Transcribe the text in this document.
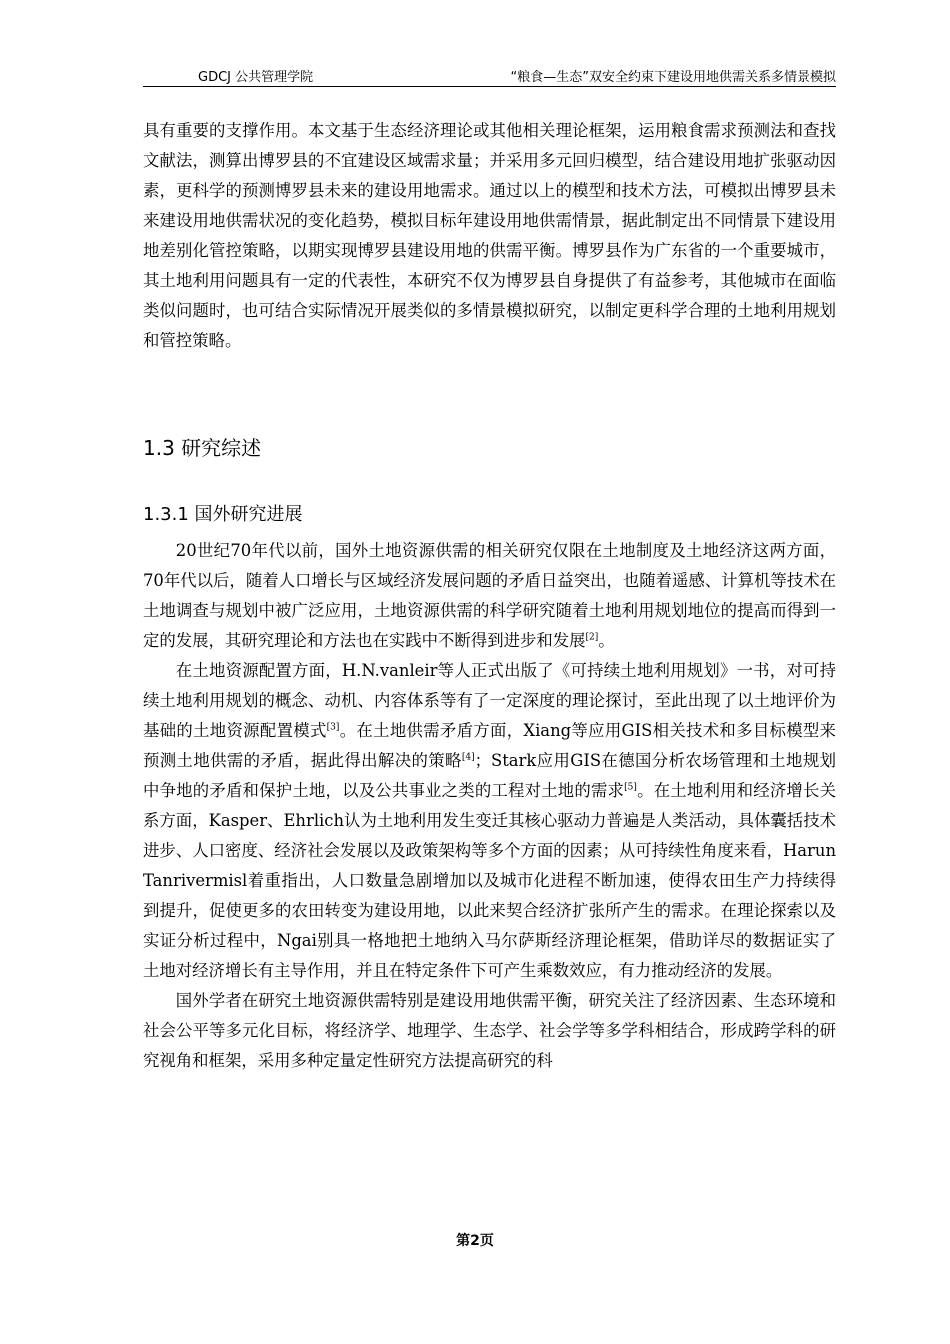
GDCJ 公共管理学院	“粮食—生态”双安全约束下建设用地供需关系多情景模拟

具有重要的支撑作用。本文基于生态经济理论或其他相关理论框架，运用粮食需求预测法和查找文献法，测算出博罗县的不宜建设区域需求量；并采用多元回归模型，结合建设用地扩张驱动因素，更科学的预测博罗县未来的建设用地需求。通过以上的模型和技术方法，可模拟出博罗县未来建设用地供需状况的变化趋势，模拟目标年建设用地供需情景，据此制定出不同情景下建设用地差别化管控策略，以期实现博罗县建设用地的供需平衡。博罗县作为广东省的一个重要城市，其土地利用问题具有一定的代表性，本研究不仅为博罗县自身提供了有益参考，其他城市在面临类似问题时，也可结合实际情况开展类似的多情景模拟研究，以制定更科学合理的土地利用规划和管控策略。

1.3 研究综述
1.3.1 国外研究进展

20世纪70年代以前，国外土地资源供需的相关研究仅限在土地制度及土地经济这两方面，70年代以后，随着人口增长与区域经济发展问题的矛盾日益突出，也随着遥感、计算机等技术在土地调查与规划中被广泛应用，土地资源供需的科学研究随着土地利用规划地位的提高而得到一定的发展，其研究理论和方法也在实践中不断得到进步和发展[2]。

在土地资源配置方面，H.N.vanleir等人正式出版了《可持续土地利用规划》一书，对可持续土地利用规划的概念、动机、内容体系等有了一定深度的理论探讨，至此出现了以土地评价为基础的土地资源配置模式[3]。在土地供需矛盾方面，Xiang等应用GIS相关技术和多目标模型来预测土地供需的矛盾，据此得出解决的策略[4]；Stark应用GIS在德国分析农场管理和土地规划中争地的矛盾和保护土地，以及公共事业之类的工程对土地的需求[5]。在土地利用和经济增长关系方面，Kasper、Ehrlich认为土地利用发生变迁其核心驱动力普遍是人类活动，具体囊括技术进步、人口密度、经济社会发展以及政策架构等多个方面的因素；从可持续性角度来看，Harun Tanrivermisl着重指出，人口数量急剧增加以及城市化进程不断加速，使得农田生产力持续得到提升，促使更多的农田转变为建设用地，以此来契合经济扩张所产生的需求。在理论探索以及实证分析过程中，Ngai别具一格地把土地纳入马尔萨斯经济理论框架，借助详尽的数据证实了土地对经济增长有主导作用，并且在特定条件下可产生乘数效应，有力推动经济的发展。

国外学者在研究土地资源供需特别是建设用地供需平衡，研究关注了经济因素、生态环境和社会公平等多元化目标，将经济学、地理学、生态学、社会学等多学科相结合，形成跨学科的研究视角和框架，采用多种定量定性研究方法提高研究的科

第2页
